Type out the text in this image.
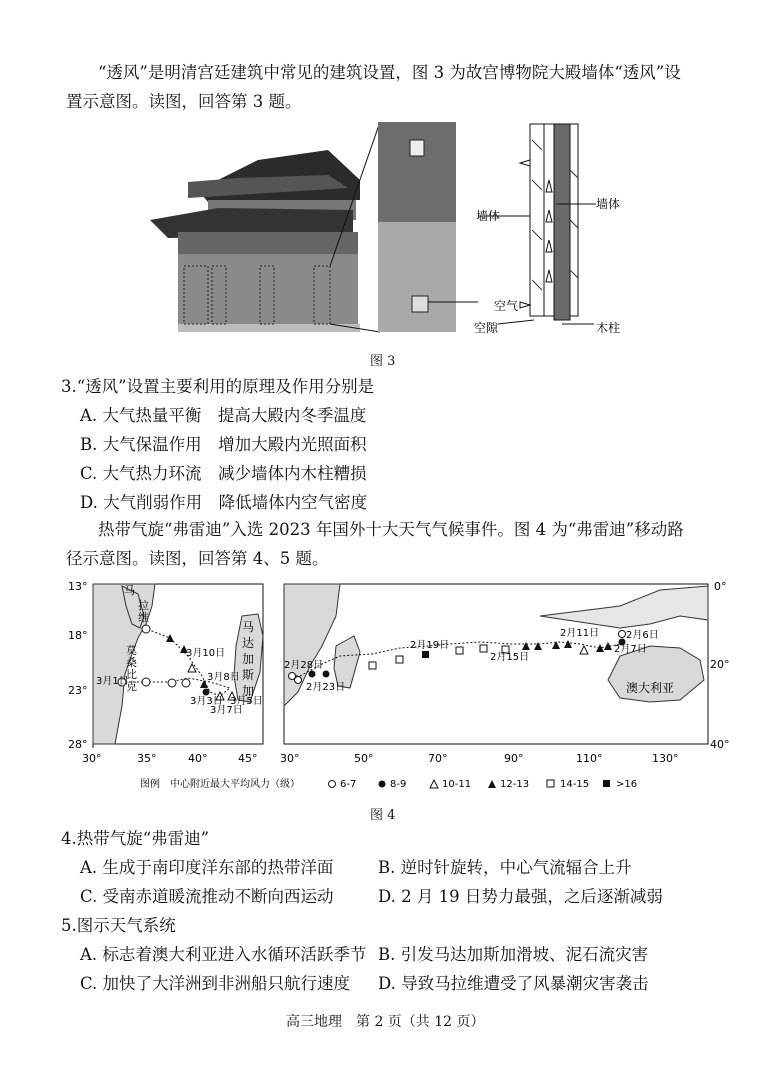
“透风”是明清宫廷建筑中常见的建筑设置，图 3 为故宫博物院大殿墙体“透风”设
置示意图。读图，回答第 3 题。
墙体
墙体
空气
空隙	木柱
图 3
3.“透风”设置主要利用的原理及作用分别是
A. 大气热量平衡　提高大殿内冬季温度
B. 大气保温作用　增加大殿内光照面积
C. 大气热力环流　减少墙体内木柱糟损
D. 大气削弱作用　降低墙体内空气密度
热带气旋“弗雷迪”入选 2023 年国外十大天气气候事件。图 4 为“弗雷迪”移动路
径示意图。读图，回答第 4、5 题。
13°
18°
23°
28°
30°	35°	40°	45°
马
拉
维
莫
桑
比
克
马
达
加
斯
加
3月10日
3月8日
3月5日
3月3日
3月1日
3月7日
0°
20°
40°
30°	50°	70°	90°	110°	130°
澳大利亚
2月28日
2月23日
2月19日
2月15日
2月11日
2月7日
2月6日
图例　中心附近最大平均风力（级）	6-7	8-9	10-11	12-13	14-15	>16
图 4
4.热带气旋“弗雷迪”
A. 生成于南印度洋东部的热带洋面	B. 逆时针旋转，中心气流辐合上升
C. 受南赤道暖流推动不断向西运动	D. 2 月 19 日势力最强，之后逐渐减弱
5.图示天气系统
A. 标志着澳大利亚进入水循环活跃季节 B. 引发马达加斯加滑坡、泥石流灾害
C. 加快了大洋洲到非洲船只航行速度 D. 导致马拉维遭受了风暴潮灾害袭击
高三地理　第 2 页（共 12 页）
